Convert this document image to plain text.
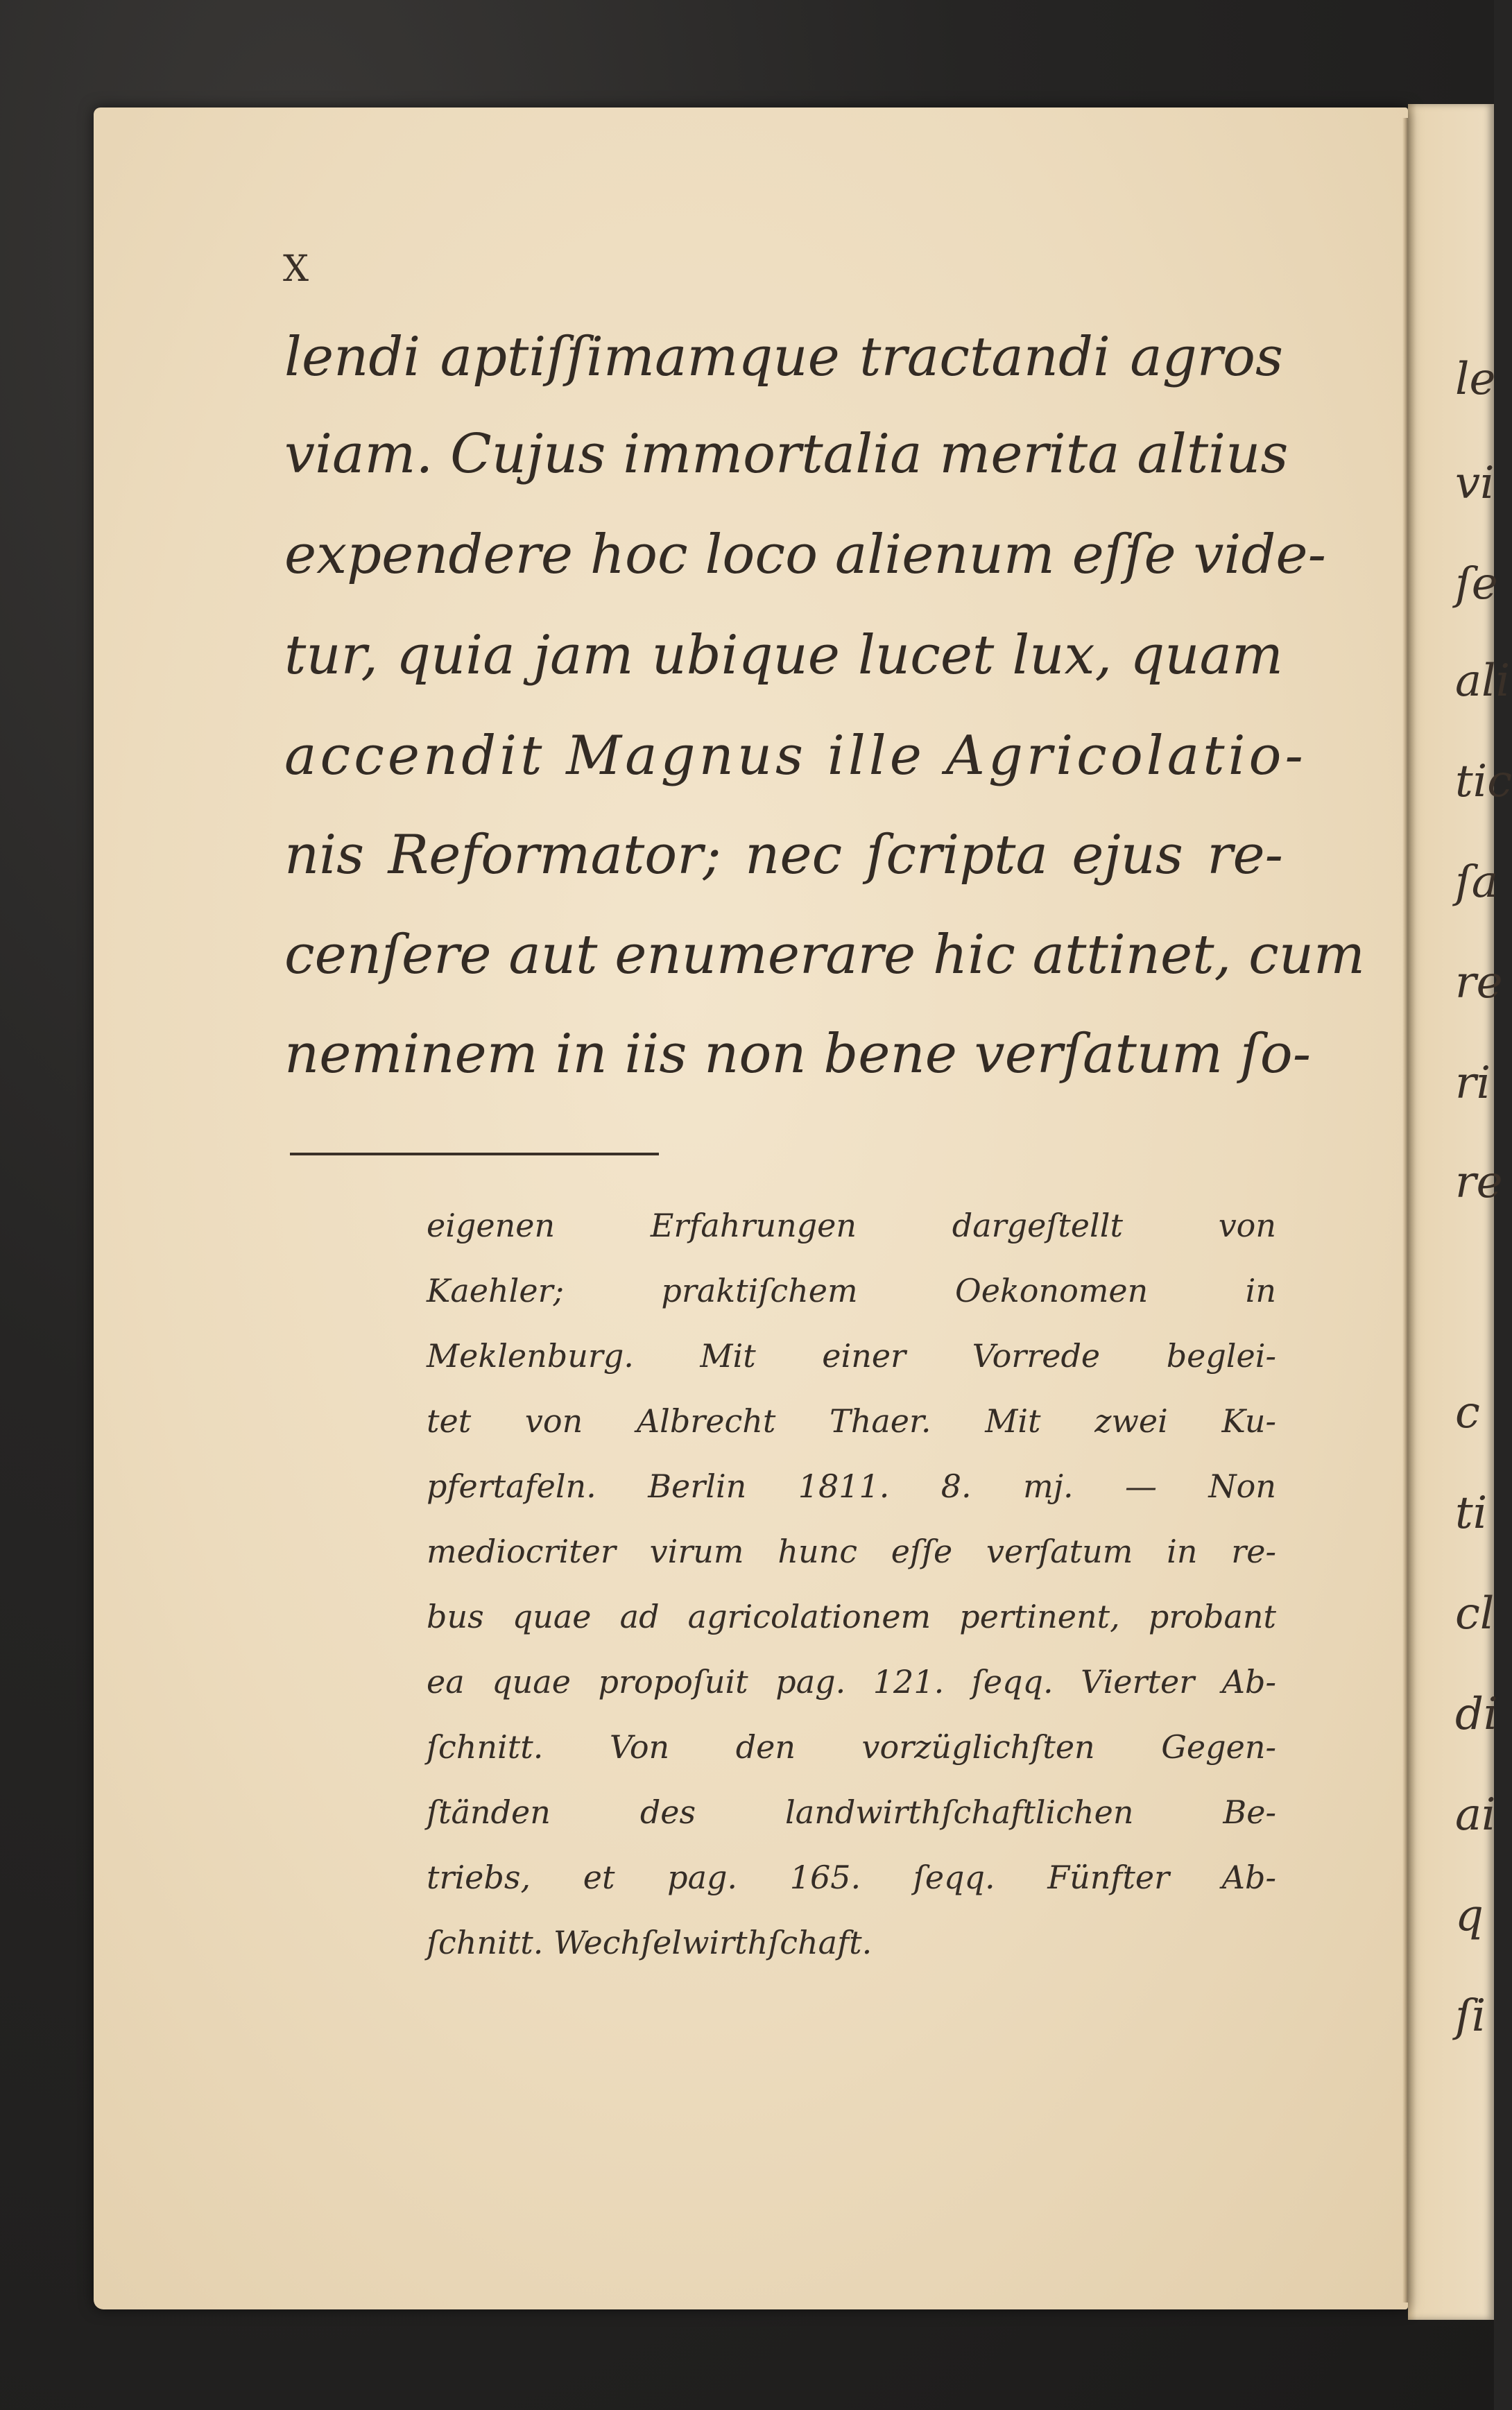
X
lendi aptiſſimamque tractandi agros
viam. Cujus immortalia merita altius
expendere hoc loco alienum eſſe vide-
tur, quia jam ubique lucet lux, quam
accendit Magnus ille Agricolatio-
nis Reformator; nec ſcripta ejus re-
cenſere aut enumerare hic attinet, cum
neminem in iis non bene verſatum ſo-
eigenen Erfahrungen dargeſtellt von
Kaehler; praktiſchem Oekonomen in
Meklenburg. Mit einer Vorrede beglei-
tet von Albrecht Thaer. Mit zwei Ku-
pfertafeln. Berlin 1811. 8. mj. — Non
mediocriter virum hunc eſſe verſatum in re-
bus quae ad agricolationem pertinent, probant
ea quae propoſuit pag. 121. ſeqq. Vierter Ab-
ſchnitt. Von den vorzüglichſten Gegen-
ſtänden des landwirthſchaftlichen Be-
triebs, et pag. 165. ſeqq. Fünfter Ab-
ſchnitt. Wechſelwirthſchaft.
le
vi
ſe
ali
tic
ſa
re
ri
re
c
ti
cl
di
ai
q
ſi
